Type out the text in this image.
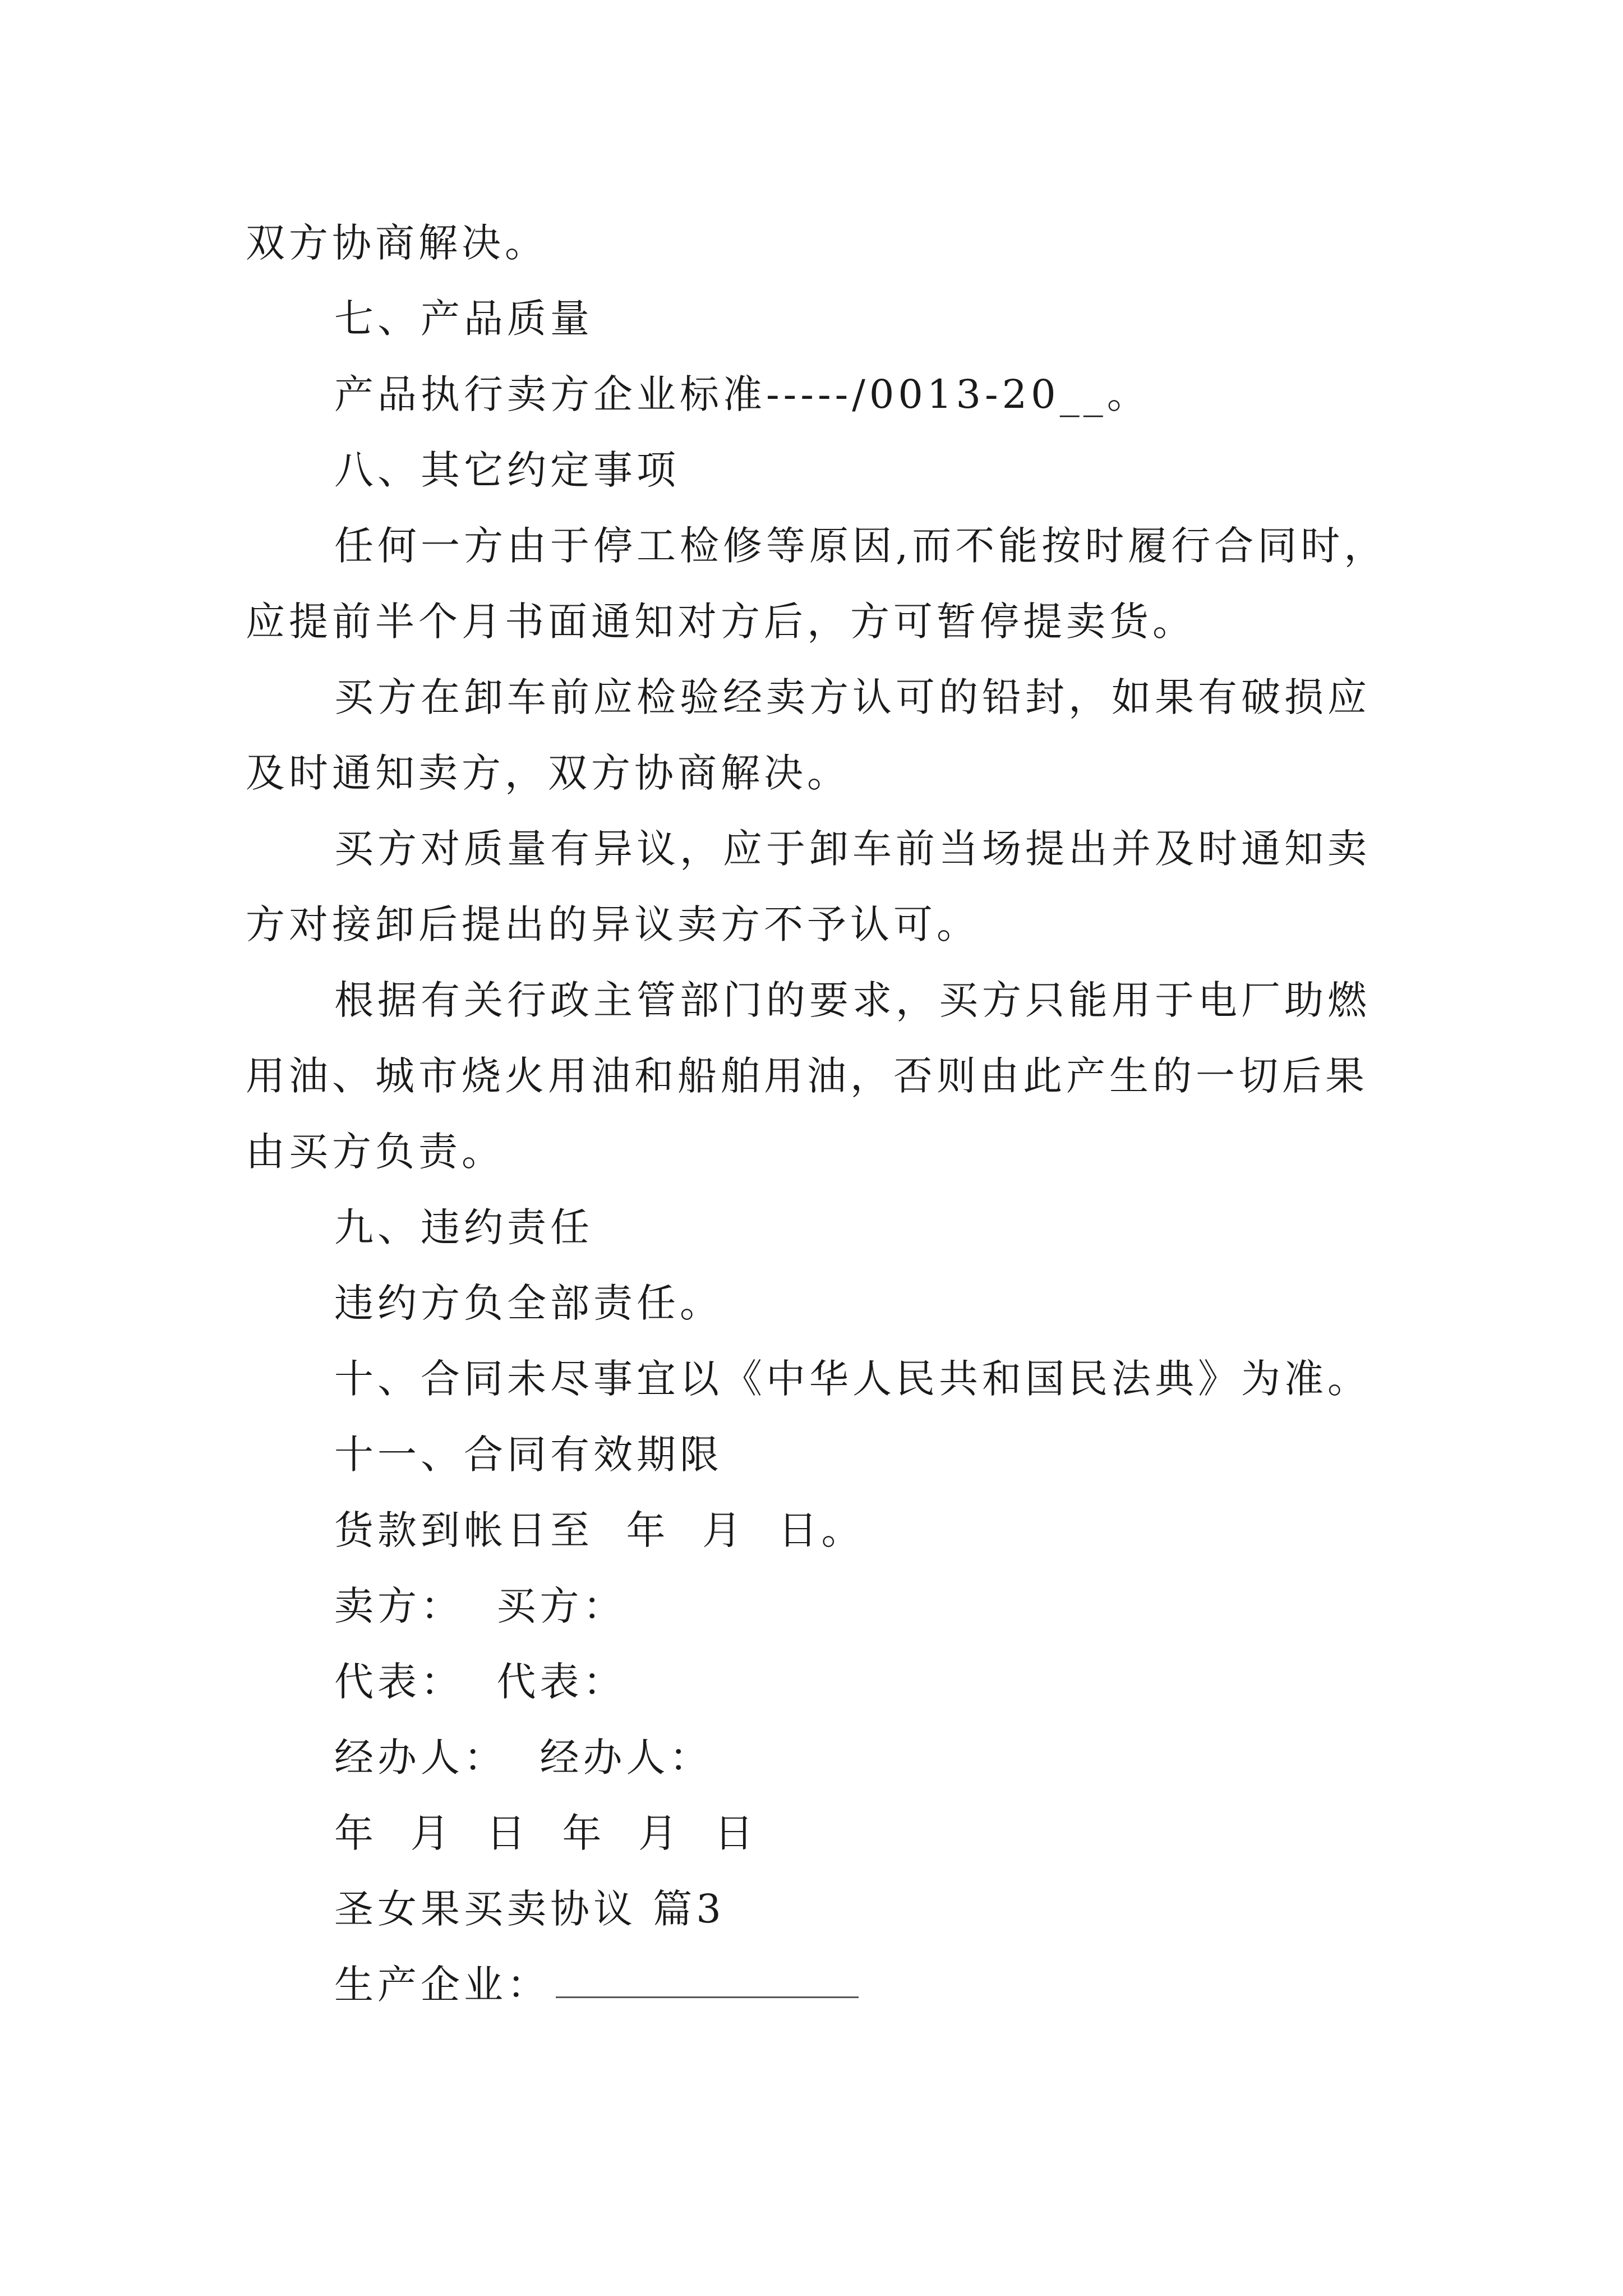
双方协商解决。
七、产品质量
产品执行卖方企业标准-----/0013-20__。
八、其它约定事项
任何一方由于停工检修等原因,而不能按时履行合同时，
应提前半个月书面通知对方后，方可暂停提卖货。
买方在卸车前应检验经卖方认可的铅封，如果有破损应
及时通知卖方，双方协商解决。
买方对质量有异议，应于卸车前当场提出并及时通知卖
方对接卸后提出的异议卖方不予认可。
根据有关行政主管部门的要求，买方只能用于电厂助燃
用油、城市烧火用油和船舶用油，否则由此产生的一切后果
由买方负责。
九、违约责任
违约方负全部责任。
十、合同未尽事宜以《中华人民共和国民法典》为准。
十一、合同有效期限
货款到帐日至  年  月  日。
卖方：  买方：
代表：  代表：
经办人：  经办人：
年  月  日  年  月  日
圣女果买卖协议 篇3
生产企业：
